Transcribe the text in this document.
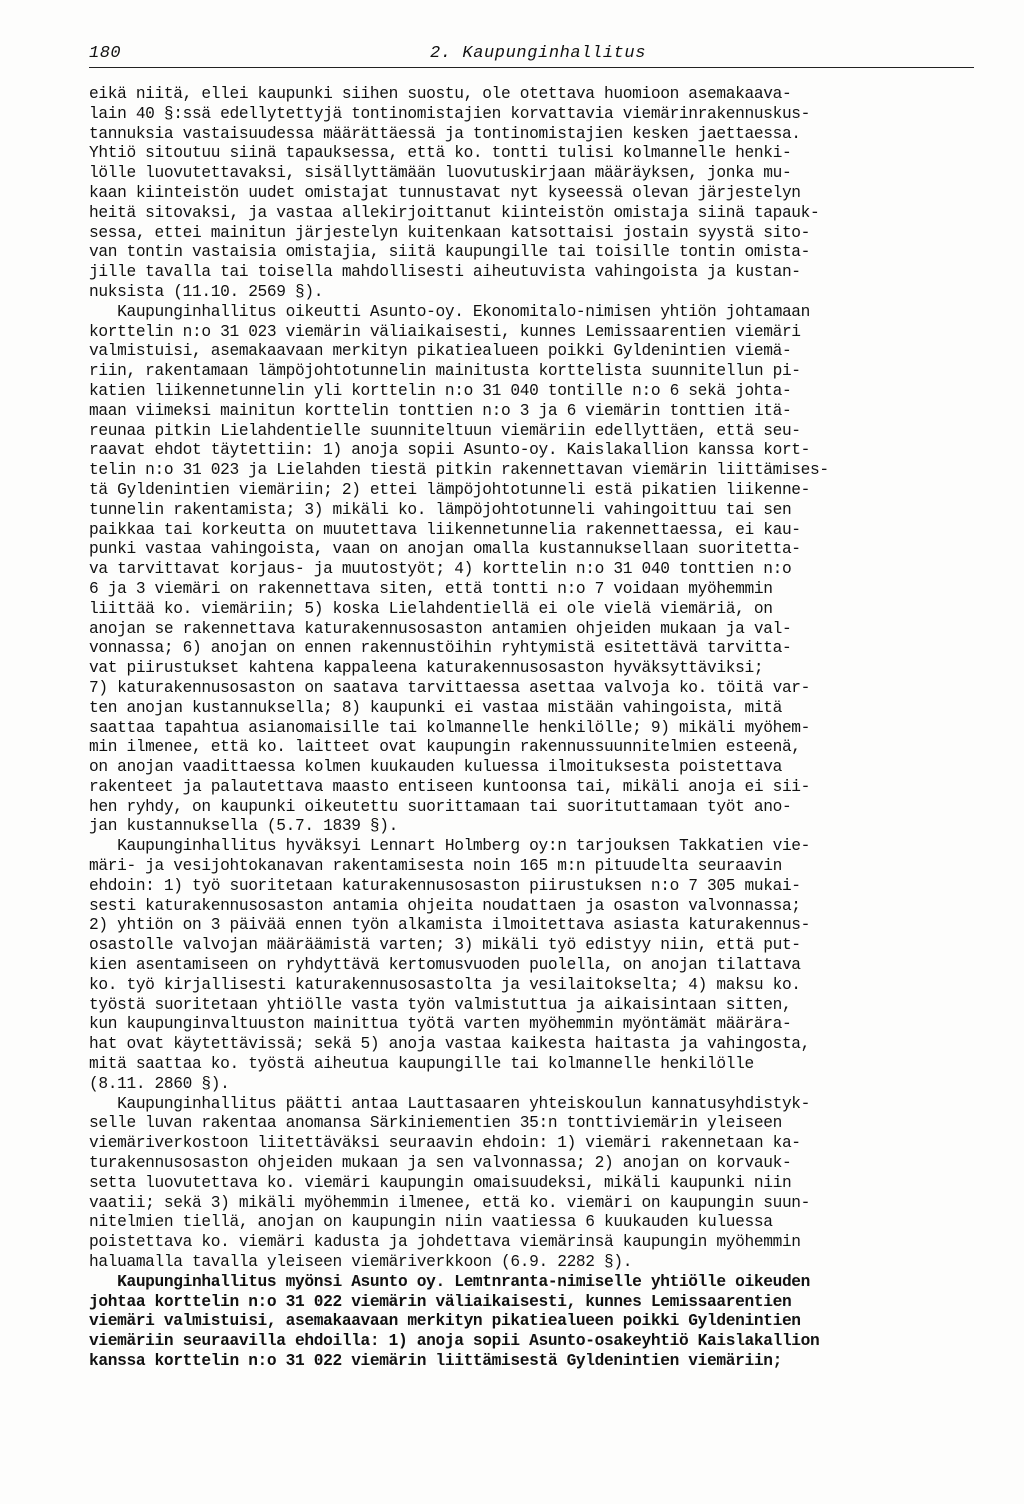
180	2. Kaupunginhallitus
eikä niitä, ellei kaupunki siihen suostu, ole otettava huomioon asemakaava-
lain 40 §:ssä edellytettyjä tontinomistajien korvattavia viemärinrakennuskus-
tannuksia vastaisuudessa määrättäessä ja tontinomistajien kesken jaettaessa.
Yhtiö sitoutuu siinä tapauksessa, että ko. tontti tulisi kolmannelle henki-
lölle luovutettavaksi, sisällyttämään luovutuskirjaan määräyksen, jonka mu-
kaan kiinteistön uudet omistajat tunnustavat nyt kyseessä olevan järjestelyn
heitä sitovaksi, ja vastaa allekirjoittanut kiinteistön omistaja siinä tapauk-
sessa, ettei mainitun järjestelyn kuitenkaan katsottaisi jostain syystä sito-
van tontin vastaisia omistajia, siitä kaupungille tai toisille tontin omista-
jille tavalla tai toisella mahdollisesti aiheutuvista vahingoista ja kustan-
nuksista (11.10. 2569 §).
Kaupunginhallitus oikeutti Asunto-oy. Ekonomitalo-nimisen yhtiön johtamaan
korttelin n:o 31 023 viemärin väliaikaisesti, kunnes Lemissaarentien viemäri
valmistuisi, asemakaavaan merkityn pikatiealueen poikki Gyldenintien viemä-
riin, rakentamaan lämpöjohtotunnelin mainitusta korttelista suunnitellun pi-
katien liikennetunnelin yli korttelin n:o 31 040 tontille n:o 6 sekä johta-
maan viimeksi mainitun korttelin tonttien n:o 3 ja 6 viemärin tonttien itä-
reunaa pitkin Lielahdentielle suunniteltuun viemäriin edellyttäen, että seu-
raavat ehdot täytettiin: 1) anoja sopii Asunto-oy. Kaislakallion kanssa kort-
telin n:o 31 023 ja Lielahden tiestä pitkin rakennettavan viemärin liittämises-
tä Gyldenintien viemäriin; 2) ettei lämpöjohtotunneli estä pikatien liikenne-
tunnelin rakentamista; 3) mikäli ko. lämpöjohtotunneli vahingoittuu tai sen
paikkaa tai korkeutta on muutettava liikennetunnelia rakennettaessa, ei kau-
punki vastaa vahingoista, vaan on anojan omalla kustannuksellaan suoritetta-
va tarvittavat korjaus- ja muutostyöt; 4) korttelin n:o 31 040 tonttien n:o
6 ja 3 viemäri on rakennettava siten, että tontti n:o 7 voidaan myöhemmin
liittää ko. viemäriin; 5) koska Lielahdentiellä ei ole vielä viemäriä, on
anojan se rakennettava katurakennusosaston antamien ohjeiden mukaan ja val-
vonnassa; 6) anojan on ennen rakennustöihin ryhtymistä esitettävä tarvitta-
vat piirustukset kahtena kappaleena katurakennusosaston hyväksyttäviksi;
7) katurakennusosaston on saatava tarvittaessa asettaa valvoja ko. töitä var-
ten anojan kustannuksella; 8) kaupunki ei vastaa mistään vahingoista, mitä
saattaa tapahtua asianomaisille tai kolmannelle henkilölle; 9) mikäli myöhem-
min ilmenee, että ko. laitteet ovat kaupungin rakennussuunnitelmien esteenä,
on anojan vaadittaessa kolmen kuukauden kuluessa ilmoituksesta poistettava
rakenteet ja palautettava maasto entiseen kuntoonsa tai, mikäli anoja ei sii-
hen ryhdy, on kaupunki oikeutettu suorittamaan tai suorituttamaan työt ano-
jan kustannuksella (5.7. 1839 §).
Kaupunginhallitus hyväksyi Lennart Holmberg oy:n tarjouksen Takkatien vie-
märi- ja vesijohtokanavan rakentamisesta noin 165 m:n pituudelta seuraavin
ehdoin: 1) työ suoritetaan katurakennusosaston piirustuksen n:o 7 305 mukai-
sesti katurakennusosaston antamia ohjeita noudattaen ja osaston valvonnassa;
2) yhtiön on 3 päivää ennen työn alkamista ilmoitettava asiasta katurakennus-
osastolle valvojan määräämistä varten; 3) mikäli työ edistyy niin, että put-
kien asentamiseen on ryhdyttävä kertomusvuoden puolella, on anojan tilattava
ko. työ kirjallisesti katurakennusosastolta ja vesilaitokselta; 4) maksu ko.
työstä suoritetaan yhtiölle vasta työn valmistuttua ja aikaisintaan sitten,
kun kaupunginvaltuuston mainittua työtä varten myöhemmin myöntämät määrära-
hat ovat käytettävissä; sekä 5) anoja vastaa kaikesta haitasta ja vahingosta,
mitä saattaa ko. työstä aiheutua kaupungille tai kolmannelle henkilölle
(8.11. 2860 §).
Kaupunginhallitus päätti antaa Lauttasaaren yhteiskoulun kannatusyhdistyk-
selle luvan rakentaa anomansa Särkiniementien 35:n tonttiviemärin yleiseen
viemäriverkostoon liitettäväksi seuraavin ehdoin: 1) viemäri rakennetaan ka-
turakennusosaston ohjeiden mukaan ja sen valvonnassa; 2) anojan on korvauk-
setta luovutettava ko. viemäri kaupungin omaisuudeksi, mikäli kaupunki niin
vaatii; sekä 3) mikäli myöhemmin ilmenee, että ko. viemäri on kaupungin suun-
nitelmien tiellä, anojan on kaupungin niin vaatiessa 6 kuukauden kuluessa
poistettava ko. viemäri kadusta ja johdettava viemärinsä kaupungin myöhemmin
haluamalla tavalla yleiseen viemäriverkkoon (6.9. 2282 §).
Kaupunginhallitus myönsi Asunto oy. Lemtnranta-nimiselle yhtiölle oikeuden
johtaa korttelin n:o 31 022 viemärin väliaikaisesti, kunnes Lemissaarentien
viemäri valmistuisi, asemakaavaan merkityn pikatiealueen poikki Gyldenintien
viemäriin seuraavilla ehdoilla: 1) anoja sopii Asunto-osakeyhtiö Kaislakallion
kanssa korttelin n:o 31 022 viemärin liittämisestä Gyldenintien viemäriin;
